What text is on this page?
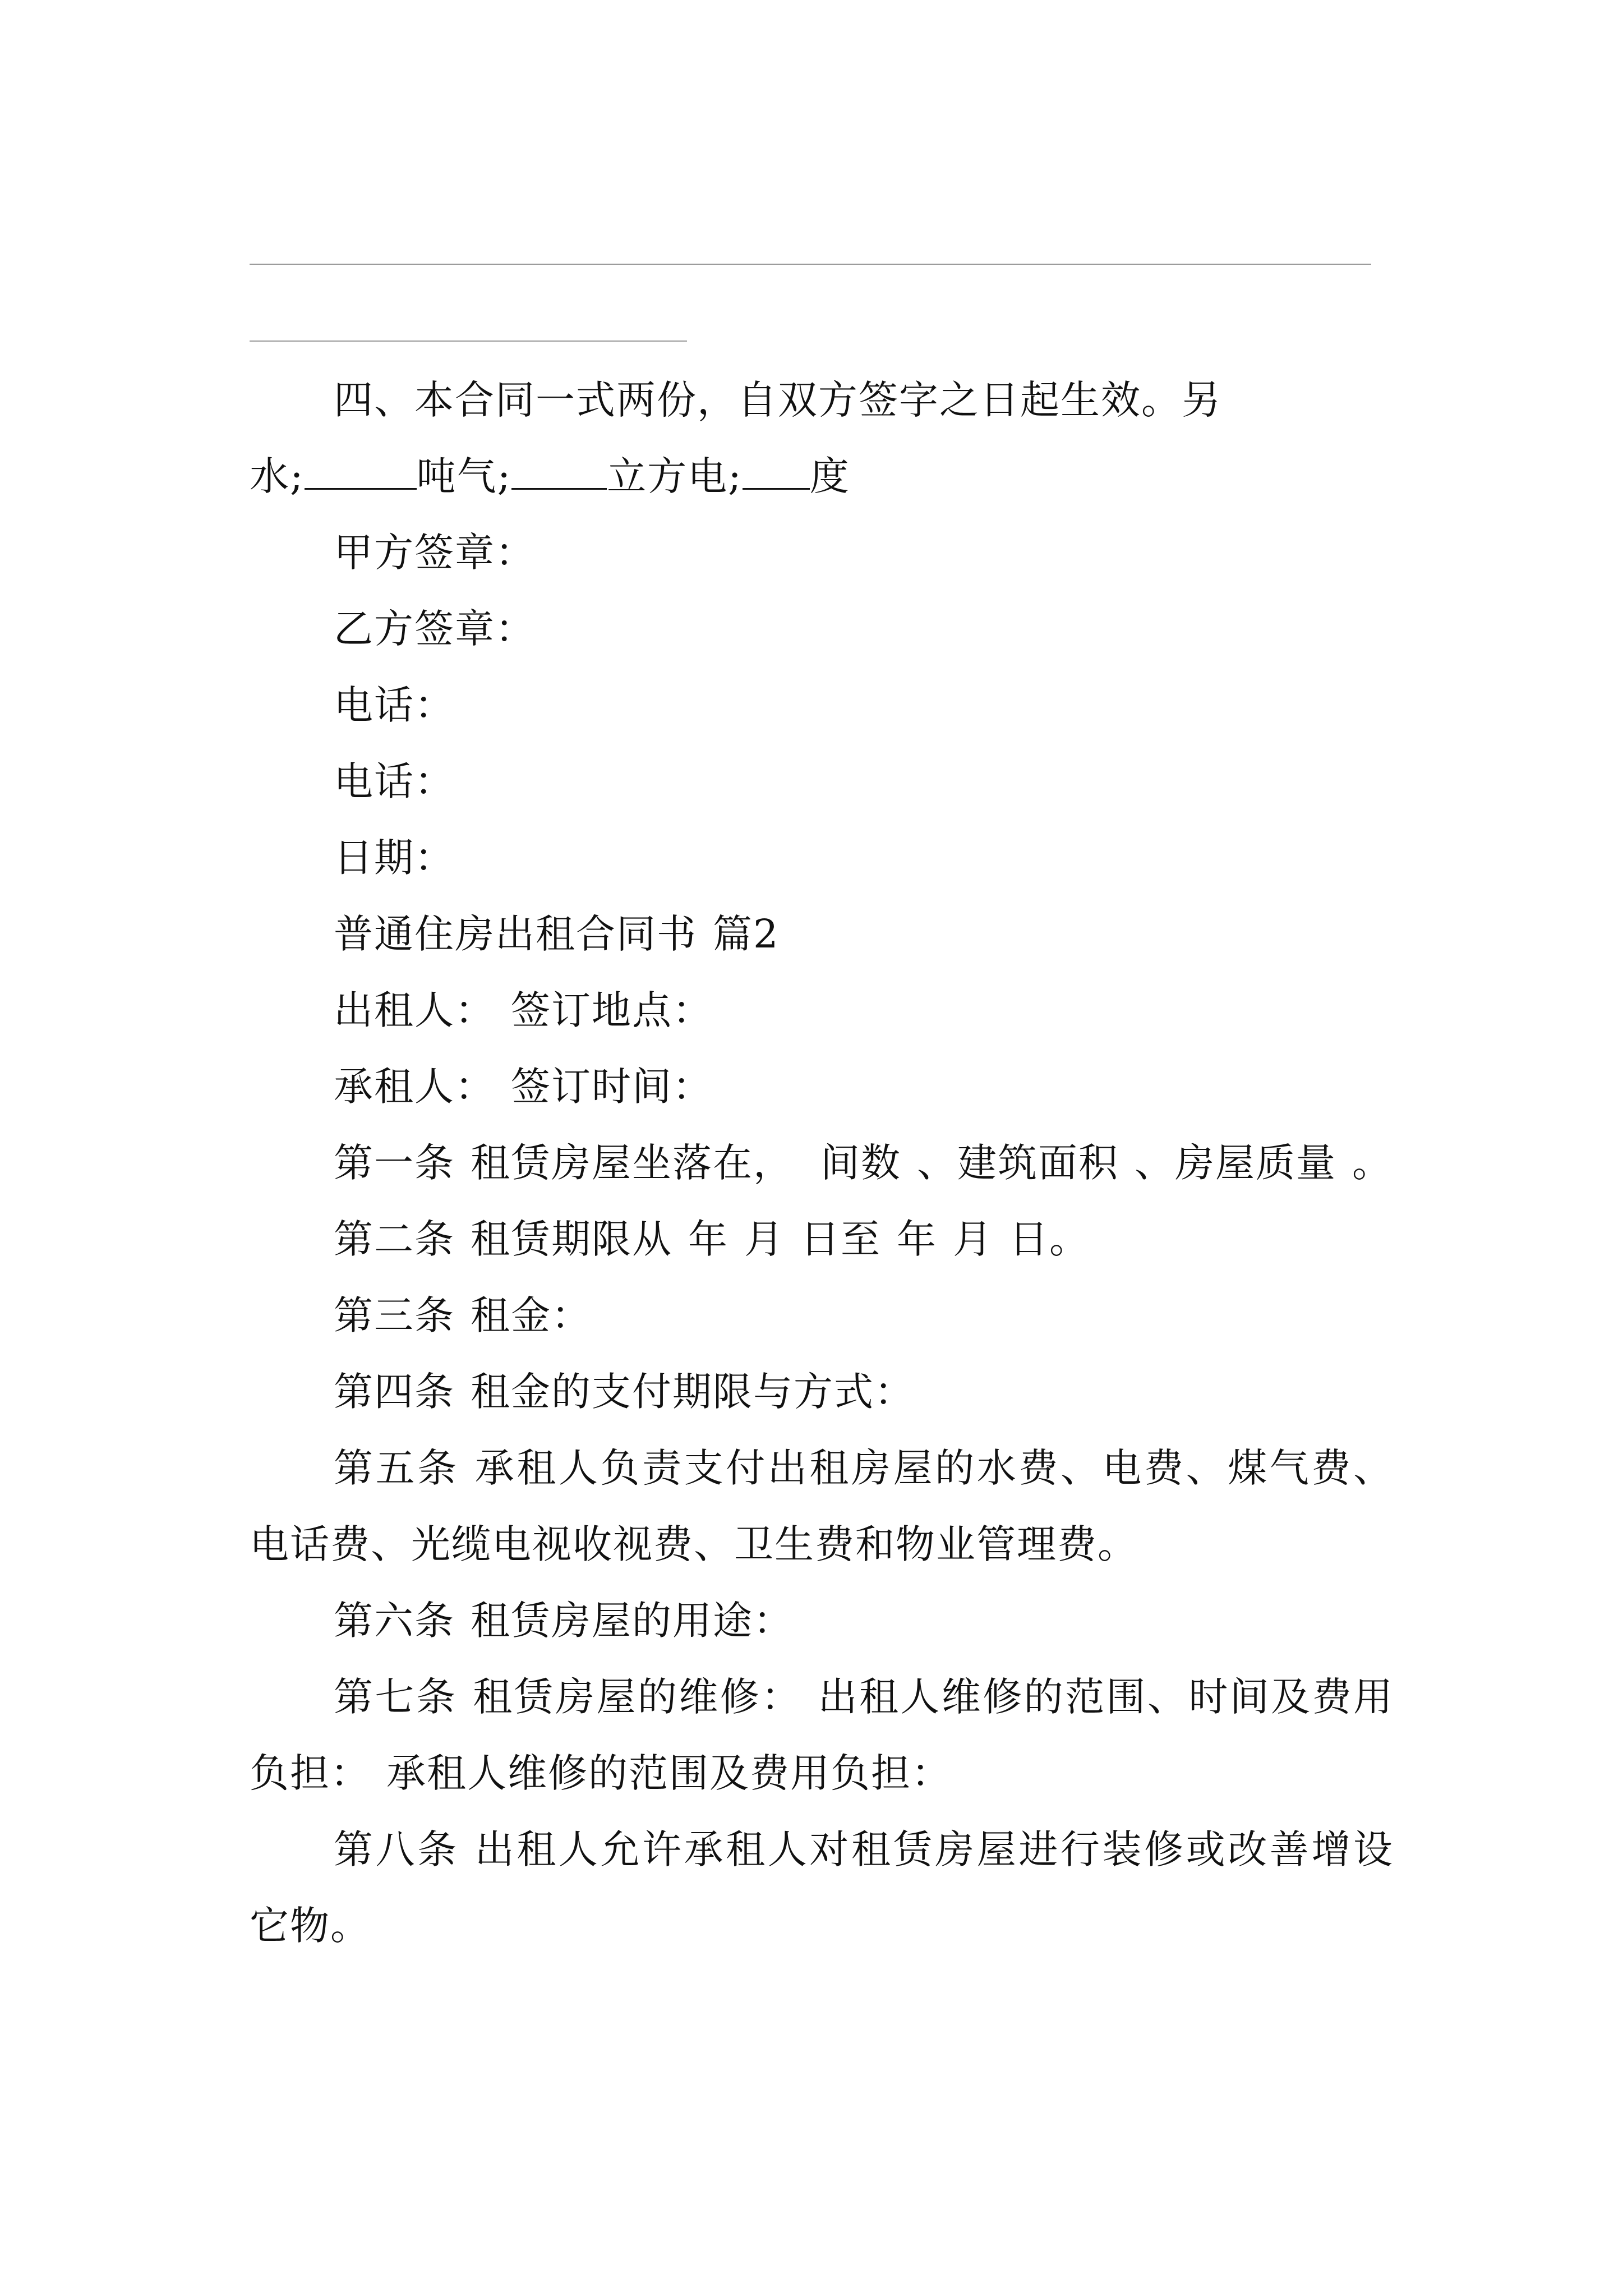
四、本合同一式两份，自双方签字之日起生效。另
水;	吨气; 立方电; 度

甲方签章：

乙方签章：

电话：

电话：

日期：

普通住房出租合同书 篇2

出租人： 签订地点：

承租人： 签订时间：

第一条 租赁房屋坐落在， 间数 、建筑面积 、房屋质量 。

第二条 租赁期限从 年 月 日至 年 月 日。

第三条 租金：

第四条 租金的支付期限与方式：

第五条 承租人负责支付出租房屋的水费、电费、煤气费、电话费、光缆电视收视费、卫生费和物业管理费。

第六条 租赁房屋的用途：

第七条 租赁房屋的维修： 出租人维修的范围、时间及费用负担： 承租人维修的范围及费用负担：

第八条 出租人允许承租人对租赁房屋进行装修或改善增设它物。
